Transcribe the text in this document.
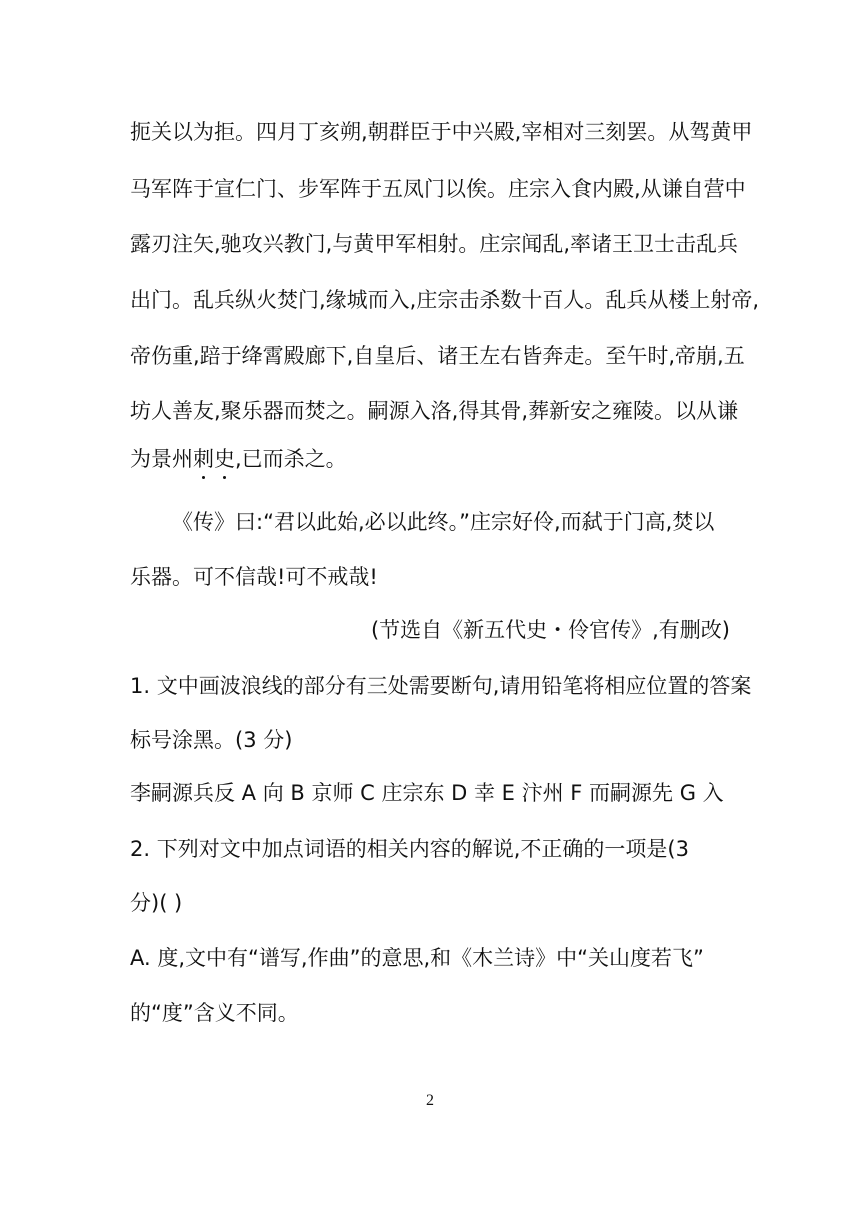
扼关以为拒。四月丁亥朔,朝群臣于中兴殿,宰相对三刻罢。从驾黄甲
马军阵于宣仁门、步军阵于五凤门以俟。庄宗入食内殿,从谦自营中
露刃注矢,驰攻兴教门,与黄甲军相射。庄宗闻乱,率诸王卫士击乱兵
出门。乱兵纵火焚门,缘城而入,庄宗击杀数十百人。乱兵从楼上射帝,
帝伤重,踣于绛霄殿廊下,自皇后、诸王左右皆奔走。至午时,帝崩,五
坊人善友,聚乐器而焚之。嗣源入洛,得其骨,葬新安之雍陵。以从谦
为景州刺史,已而杀之。
《传》曰:“君以此始,必以此终。”庄宗好伶,而弑于门高,焚以
乐器。可不信哉!可不戒哉!
(节选自《新五代史・伶官传》,有删改)
1. 文中画波浪线的部分有三处需要断句,请用铅笔将相应位置的答案
标号涂黑。(3 分)
李嗣源兵反 A 向 B 京师 C 庄宗东 D 幸 E 汴州 F 而嗣源先 G 入
2. 下列对文中加点词语的相关内容的解说,不正确的一项是(3
分)( )
A. 度,文中有“谱写,作曲”的意思,和《木兰诗》中“关山度若飞”
的“度”含义不同。
2
